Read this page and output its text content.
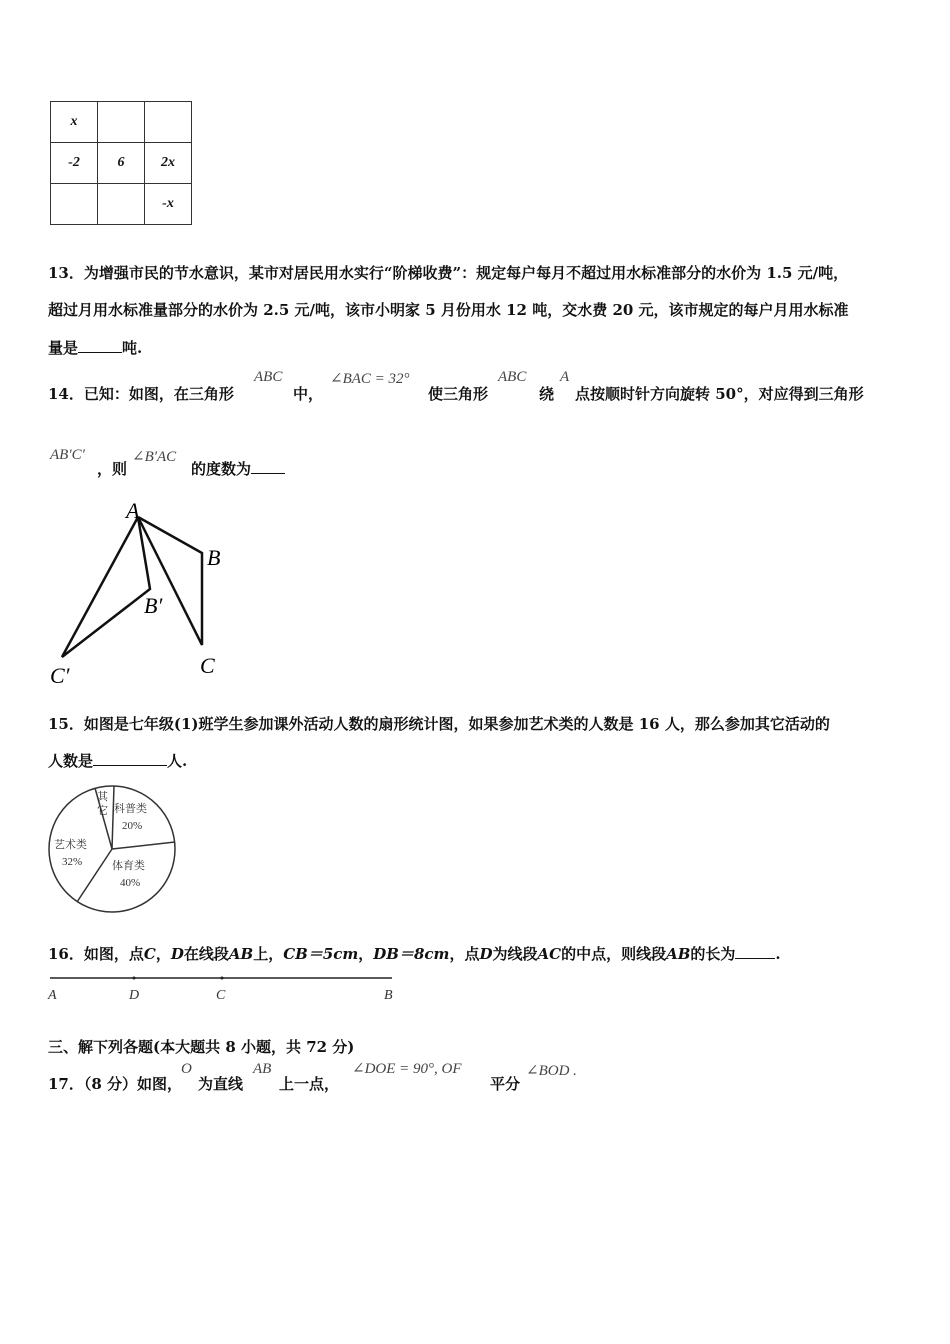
x		
-2	6	2x
		-x
13．为增强市民的节水意识，某市对居民用水实行“阶梯收费”：规定每户每月不超过用水标准部分的水价为 1.5 元/吨，
超过月用水标准量部分的水价为 2.5 元/吨，该市小明家 5 月份用水 12 吨，交水费 20 元，该市规定的每户月用水标准
量是	吨.
14．已知：如图，在三角形
ABC
中，
∠BAC = 32°
使三角形
ABC
绕
A
点按顺时针方向旋转 50°，对应得到三角形
AB′C′
，则
∠B′AC
的度数为
A
B
C
B′
C′
15．如图是七年级(1)班学生参加课外活动人数的扇形统计图，如果参加艺术类的人数是 16 人，那么参加其它活动的
人数是	人.
其
它 科普类
20%
艺术类
32%	体育类
40%
16．如图，点C，D在线段AB上，CB＝5cm，DB＝8cm，点D为线段AC的中点，则线段AB的长为	.
A	D	C	B
三、解下列各题(本大题共 8 小题，共 72 分)
17．（8 分）如图，
O
为直线
AB
上一点，
∠DOE = 90°, OF
平分
∠BOD .
